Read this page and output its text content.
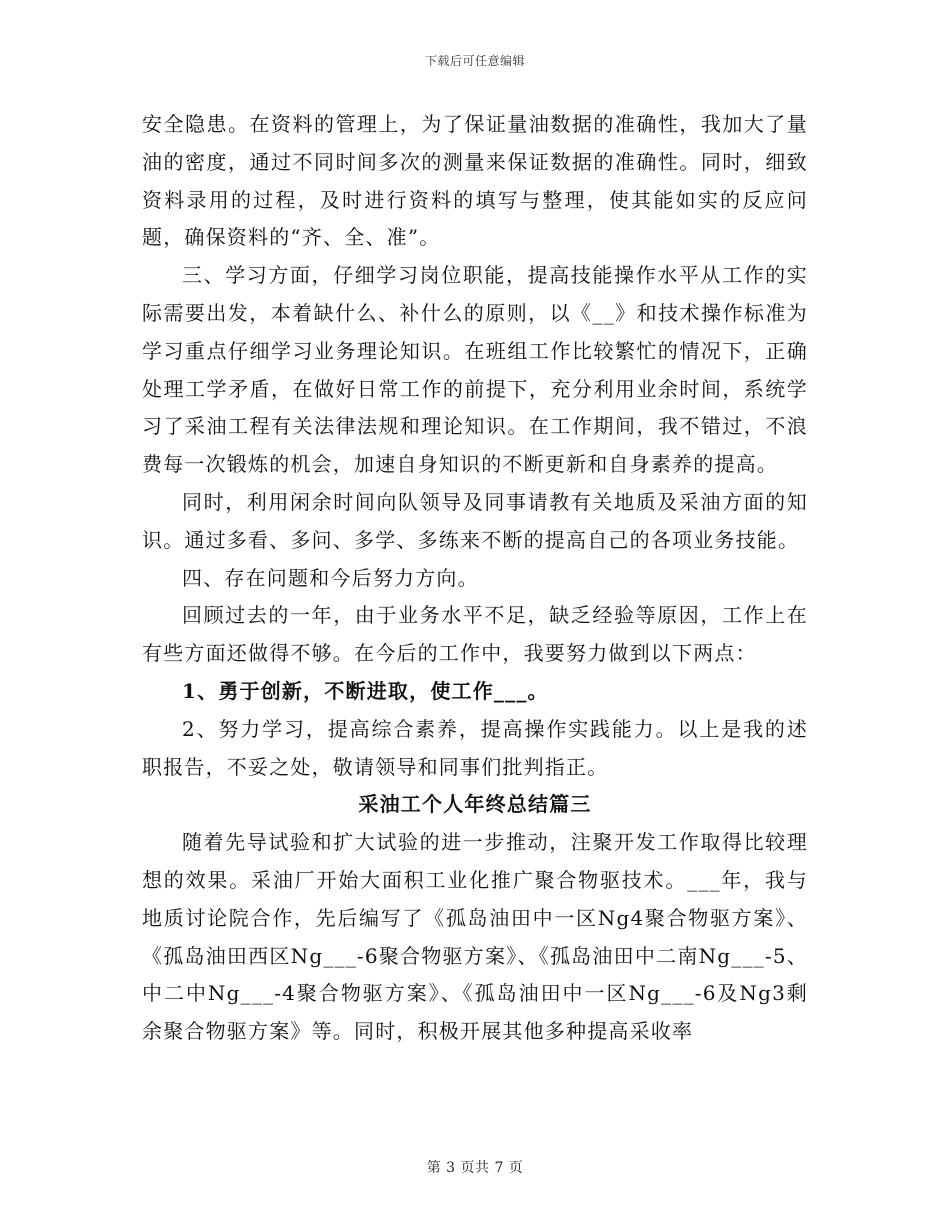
下载后可任意编辑

安全隐患。在资料的管理上，为了保证量油数据的准确性，我加大了量油的密度，通过不同时间多次的测量来保证数据的准确性。同时，细致资料录用的过程，及时进行资料的填写与整理，使其能如实的反应问题，确保资料的“齐、全、准”。

三、学习方面，仔细学习岗位职能，提高技能操作水平从工作的实际需要出发，本着缺什么、补什么的原则，以《__》和技术操作标准为学习重点仔细学习业务理论知识。在班组工作比较繁忙的情况下，正确处理工学矛盾，在做好日常工作的前提下，充分利用业余时间，系统学习了采油工程有关法律法规和理论知识。在工作期间，我不错过，不浪费每一次锻炼的机会，加速自身知识的不断更新和自身素养的提高。

同时，利用闲余时间向队领导及同事请教有关地质及采油方面的知识。通过多看、多问、多学、多练来不断的提高自己的各项业务技能。

四、存在问题和今后努力方向。

回顾过去的一年，由于业务水平不足，缺乏经验等原因，工作上在有些方面还做得不够。在今后的工作中，我要努力做到以下两点：

1、勇于创新，不断进取，使工作___。

2、努力学习，提高综合素养，提高操作实践能力。以上是我的述职报告，不妥之处，敬请领导和同事们批判指正。

采油工个人年终总结篇三

随着先导试验和扩大试验的进一步推动，注聚开发工作取得比较理想的效果。采油厂开始大面积工业化推广聚合物驱技术。___年，我与地质讨论院合作，先后编写了《孤岛油田中一区Ng4聚合物驱方案》、《孤岛油田西区Ng___-6聚合物驱方案》、《孤岛油田中二南Ng___-5、中二中Ng___-4聚合物驱方案》、《孤岛油田中一区Ng___-6及Ng3剩余聚合物驱方案》等。同时，积极开展其他多种提高采收率

第 3 页共 7 页
